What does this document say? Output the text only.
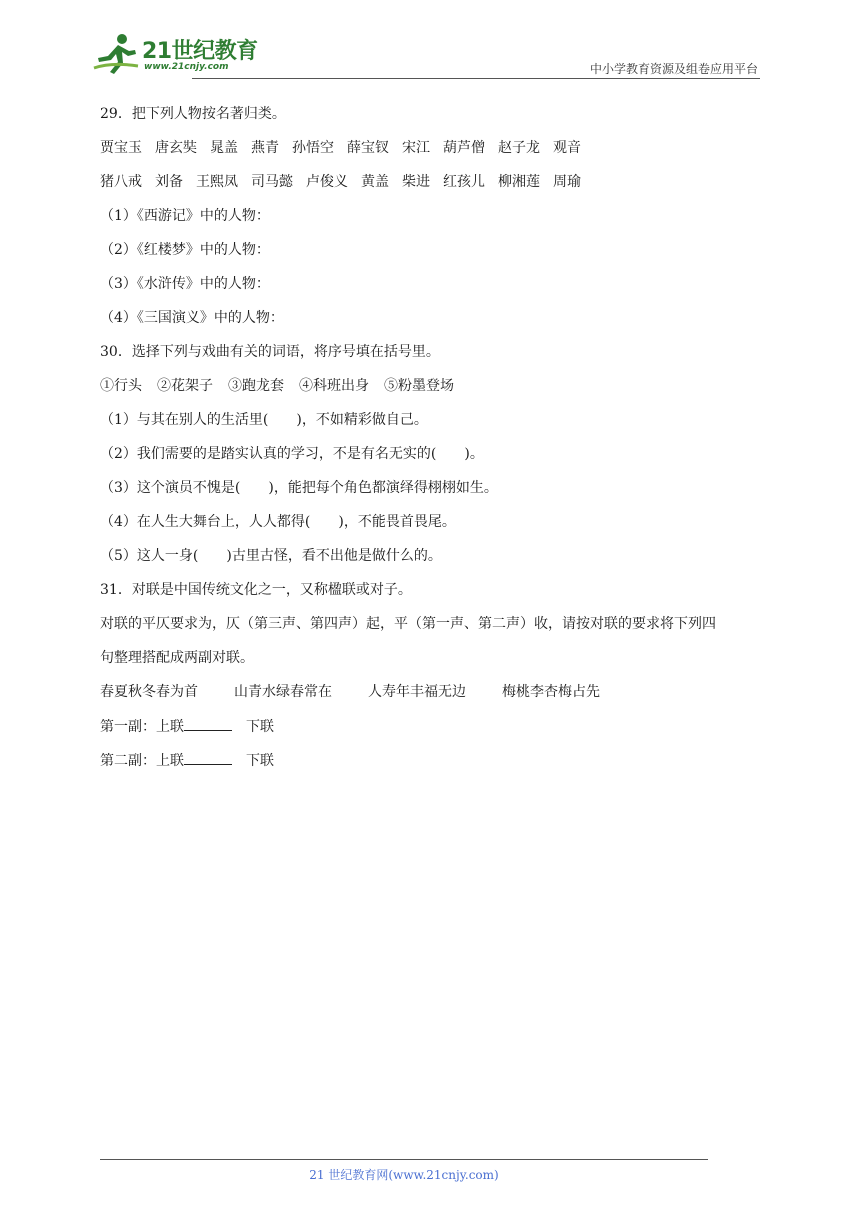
21世纪教育
www.21cnjy.com	中小学教育资源及组卷应用平台
29．把下列人物按名著归类。
贾宝玉 唐玄奘 晁盖 燕青 孙悟空 薛宝钗 宋江 葫芦僧 赵子龙 观音
猪八戒 刘备 王熙凤 司马懿 卢俊义 黄盖 柴进 红孩儿 柳湘莲 周瑜
（1）《西游记》中的人物：
（2）《红楼梦》中的人物：
（3）《水浒传》中的人物：
（4）《三国演义》中的人物：
30．选择下列与戏曲有关的词语，将序号填在括号里。
①行头 ②花架子 ③跑龙套 ④科班出身 ⑤粉墨登场
（1）与其在别人的生活里(　　)，不如精彩做自己。
（2）我们需要的是踏实认真的学习，不是有名无实的(　　)。
（3）这个演员不愧是(　　)，能把每个角色都演绎得栩栩如生。
（4）在人生大舞台上，人人都得(　　)，不能畏首畏尾。
（5）这人一身(　　)古里古怪，看不出他是做什么的。
31．对联是中国传统文化之一，又称楹联或对子。
对联的平仄要求为，仄（第三声、第四声）起，平（第一声、第二声）收，请按对联的要求将下列四
句整理搭配成两副对联。
春夏秋冬春为首	山青水绿春常在	人寿年丰福无边	梅桃李杏梅占先
第一副：上联	下联
第二副：上联	下联
21 世纪教育网(www.21cnjy.com)
